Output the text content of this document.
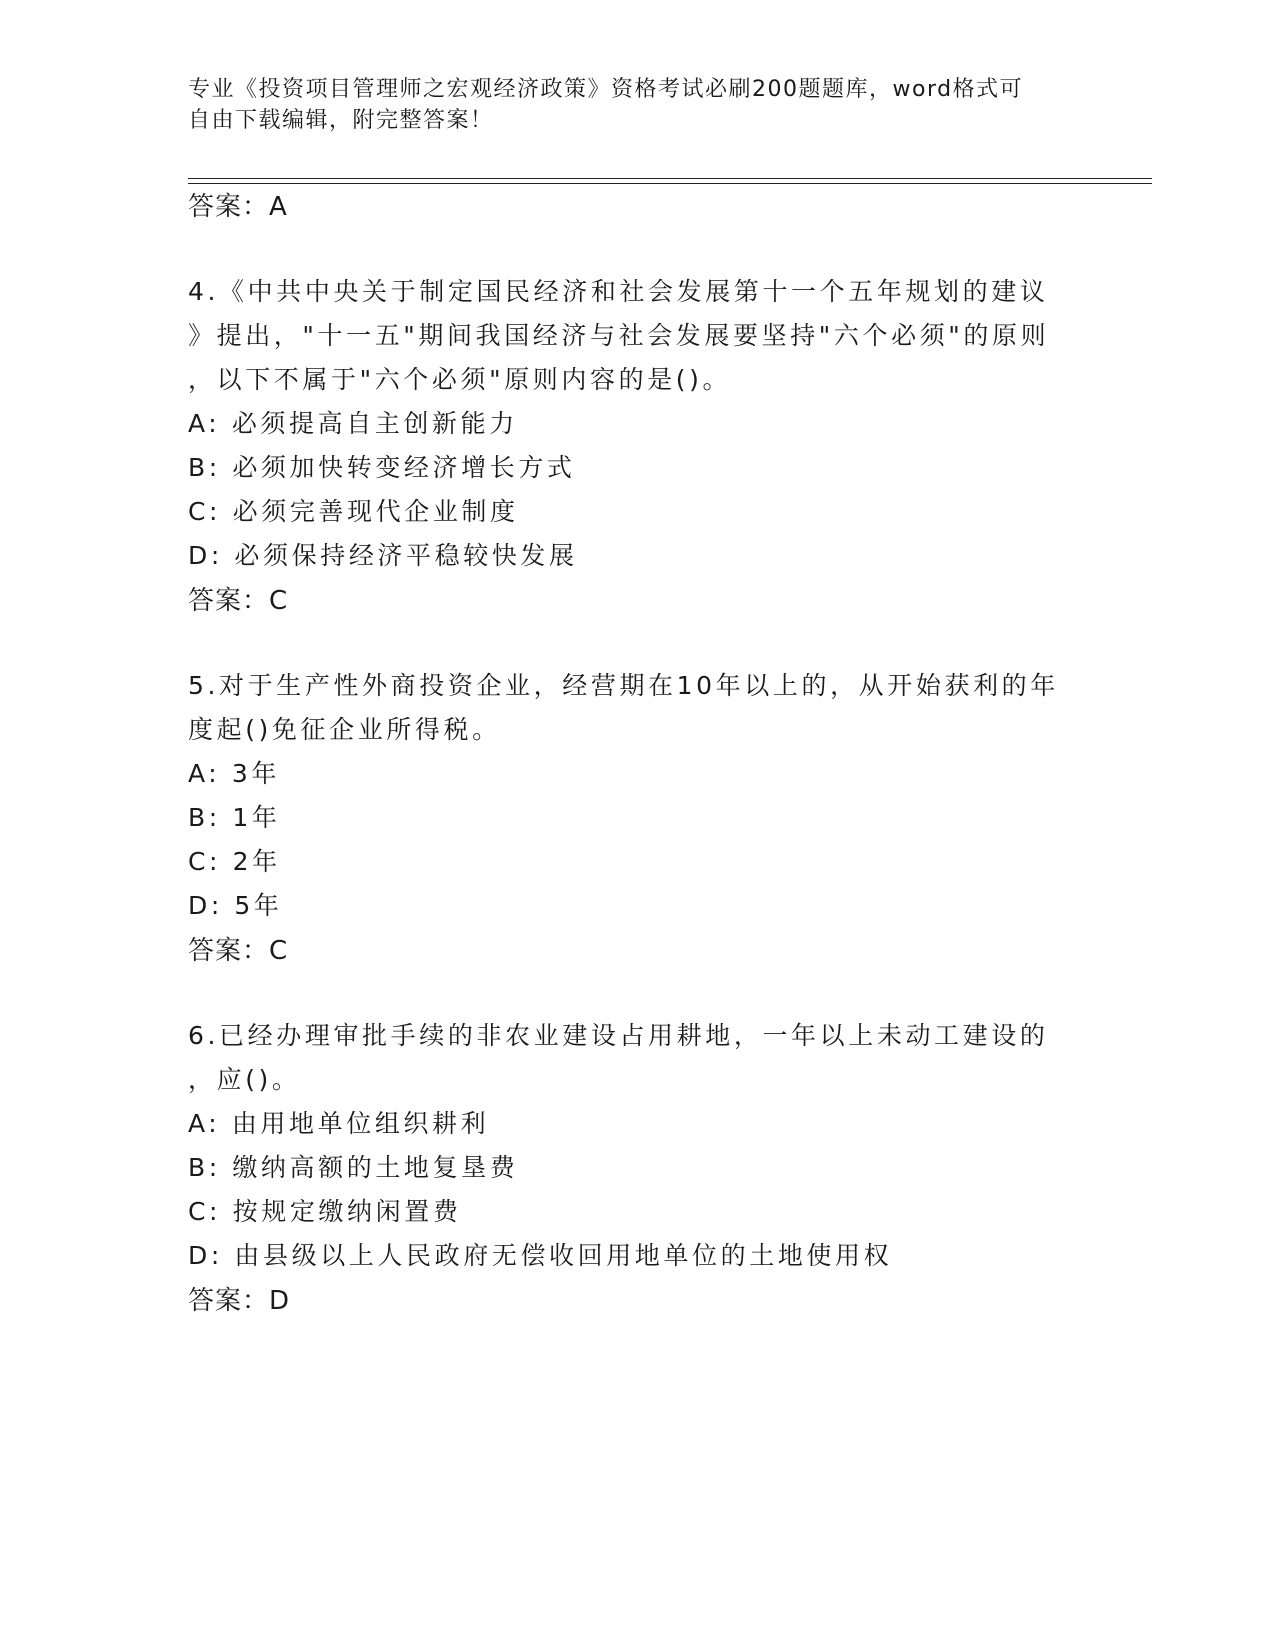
专业《投资项目管理师之宏观经济政策》资格考试必刷200题题库，word格式可
自由下载编辑，附完整答案！
答案：A
4.《中共中央关于制定国民经济和社会发展第十一个五年规划的建议
》提出，"十一五"期间我国经济与社会发展要坚持"六个必须"的原则
，以下不属于"六个必须"原则内容的是()。
A: 必须提高自主创新能力
B: 必须加快转变经济增长方式
C: 必须完善现代企业制度
D: 必须保持经济平稳较快发展
答案：C
5.对于生产性外商投资企业，经营期在10年以上的，从开始获利的年
度起()免征企业所得税。
A: 3年
B: 1年
C: 2年
D: 5年
答案：C
6.已经办理审批手续的非农业建设占用耕地，一年以上未动工建设的
，应()。
A: 由用地单位组织耕利
B: 缴纳高额的土地复垦费
C: 按规定缴纳闲置费
D: 由县级以上人民政府无偿收回用地单位的土地使用权
答案：D
